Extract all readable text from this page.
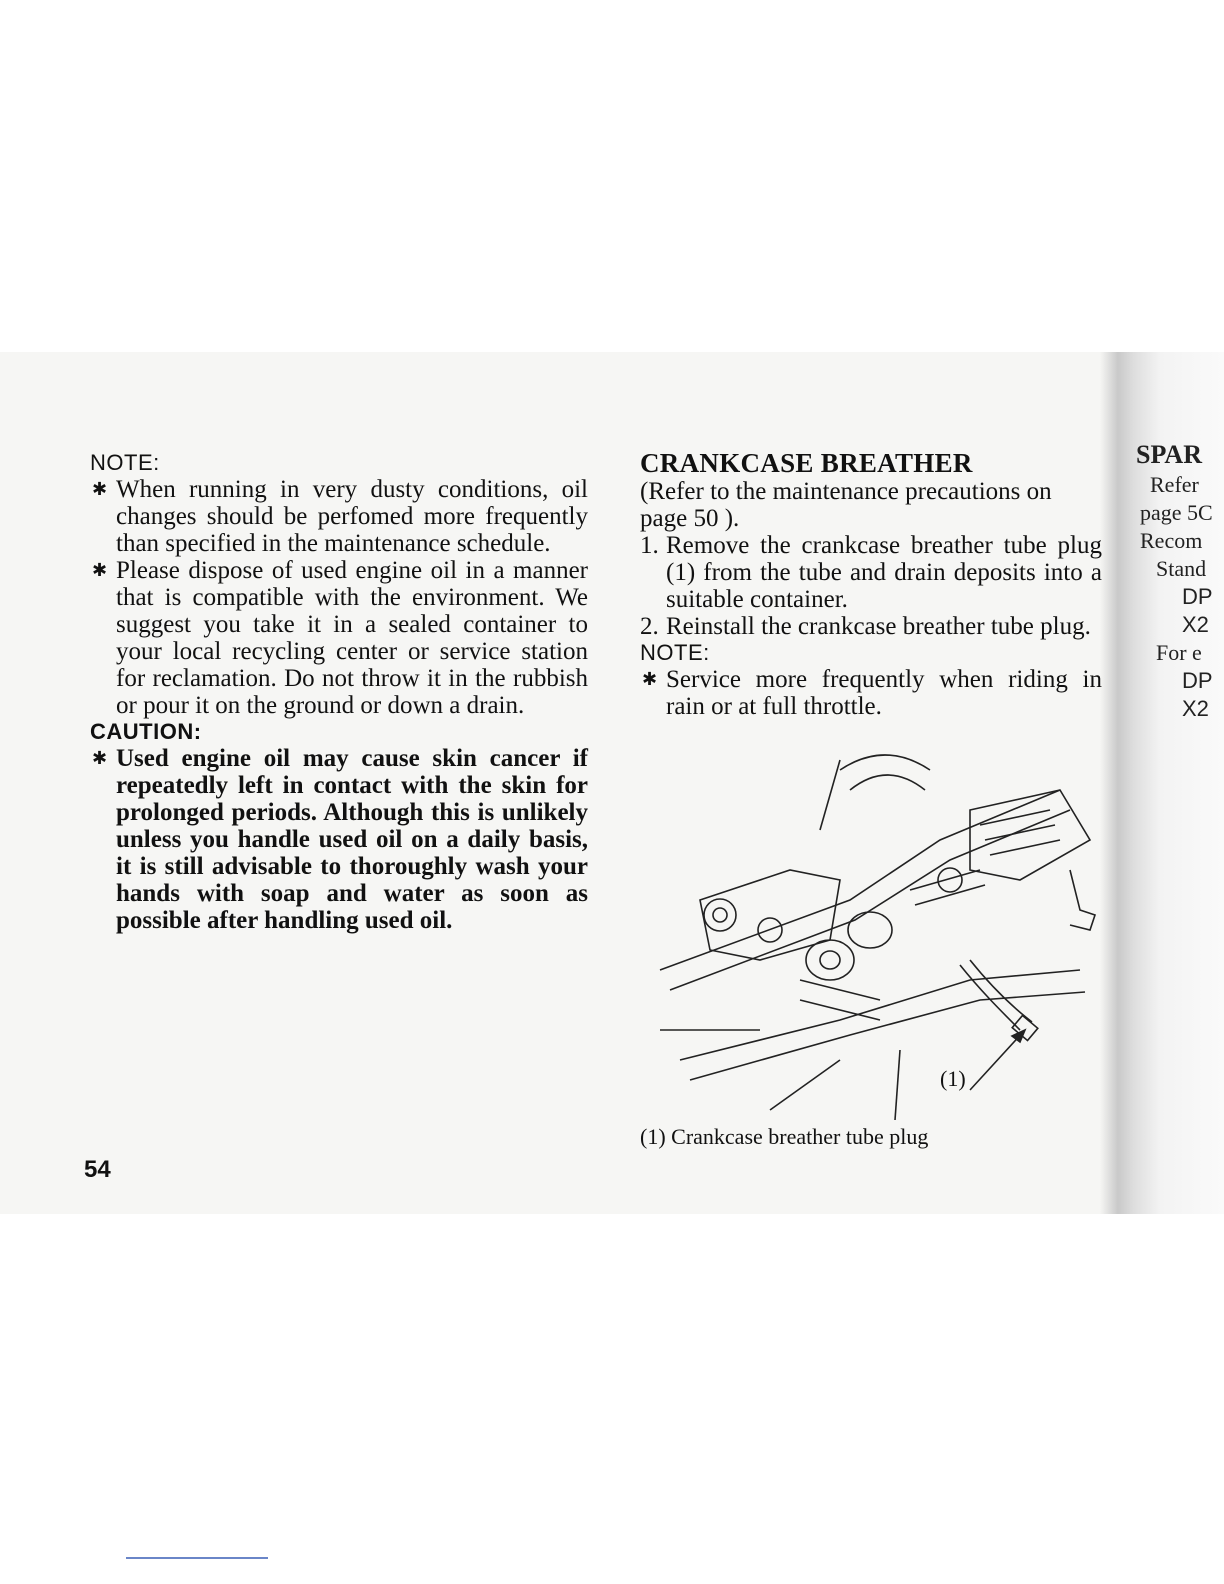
NOTE:

✱ When running in very dusty conditions, oil changes should be perfomed more frequently than specified in the maintenance schedule.

✱ Please dispose of used engine oil in a manner that is compatible with the environment. We suggest you take it in a sealed container to your local recycling center or service station for reclamation. Do not throw it in the rubbish or pour it on the ground or down a drain.

CAUTION:

✱ Used engine oil may cause skin cancer if repeatedly left in contact with the skin for prolonged periods. Although this is unlikely unless you handle used oil on a daily basis, it is still advisable to thoroughly wash your hands with soap and water as soon as possible after handling used oil.

CRANKCASE BREATHER

(Refer to the maintenance precautions on page 50 ).

1. Remove the crankcase breather tube plug (1) from the tube and drain deposits into a suitable container.

2. Reinstall the crankcase breather tube plug.

NOTE:

✱ Service more frequently when riding in rain or at full throttle.

(1)
(1) Crankcase breather tube plug
54
SPAR
Refer
page 5C
Recom
Stand
DP
X2
For e
DP
X2
